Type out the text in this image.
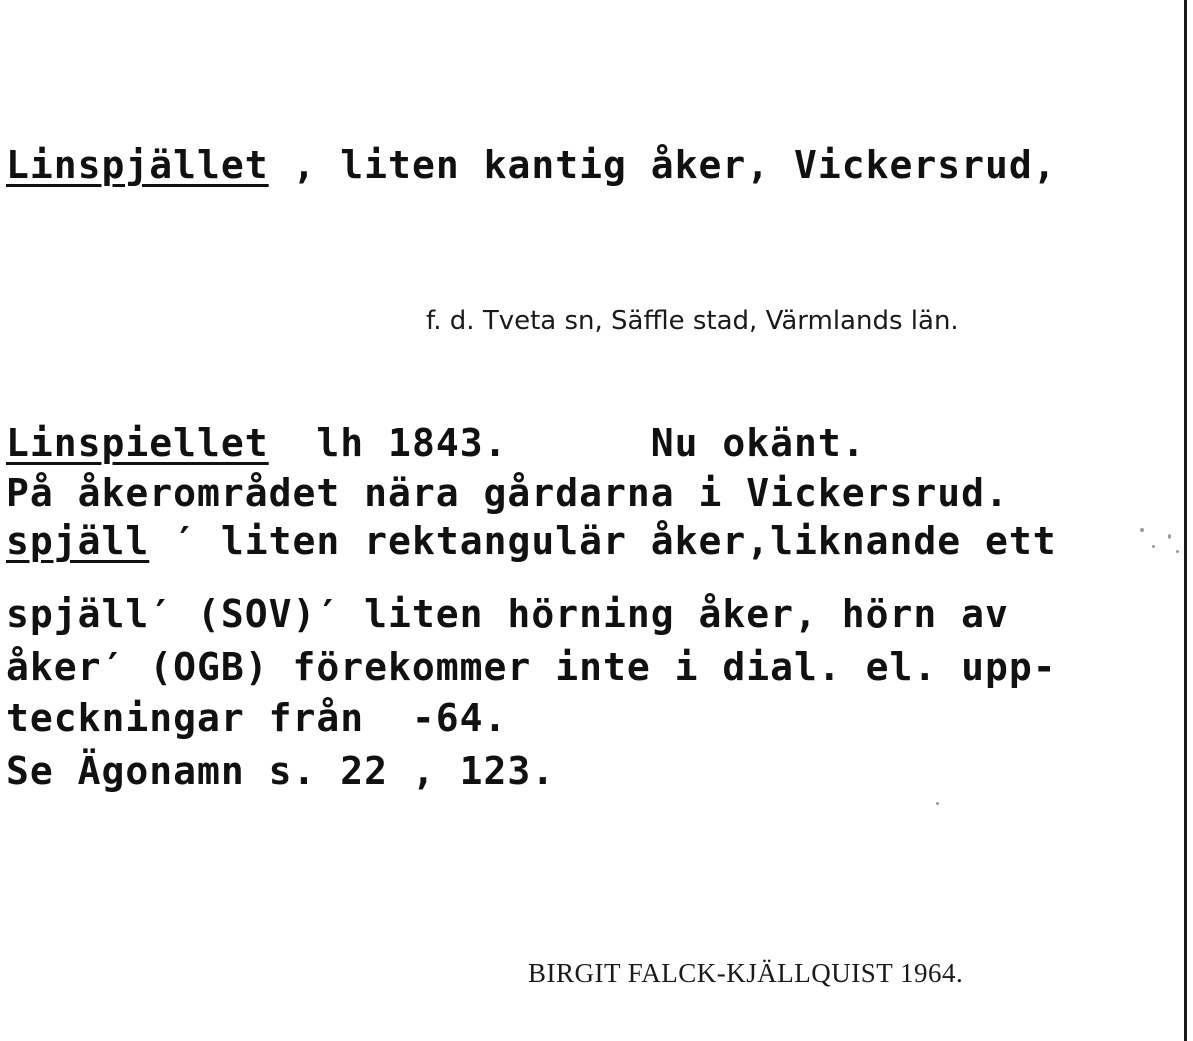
Linspjället , liten kantig åker, Vickersrud,
f. d. Tveta sn, Säffle stad, Värmlands län.
Linspiellet  lh 1843.      Nu okänt.
På åkerområdet nära gårdarna i Vickersrud.
spjäll ′ liten rektangulär åker,liknande ett
spjäll′ (SOV)′ liten hörning åker, hörn av
åker′ (OGB) förekommer inte i dial. el. upp-
teckningar från  -64.
Se Ägonamn s. 22 , 123.
BIRGIT FALCK-KJÄLLQUIST 1964.
